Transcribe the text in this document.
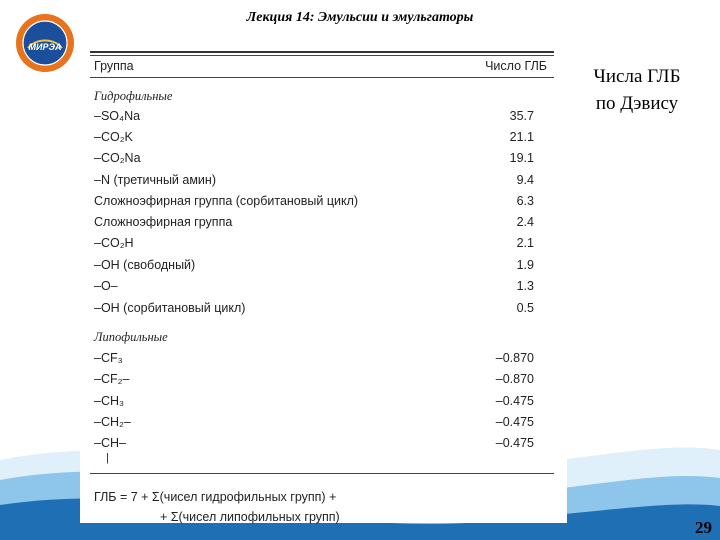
МИРЭА
Лекция 14: Эмульсии и эмульгаторы
Группа	Число ГЛБ
Гидрофильные
–SO₄Na	35.7
–CO₂K	21.1
–CO₂Na	19.1
–N (третичный амин)	9.4
Сложноэфирная группа (сорбитановый цикл)	6.3
Сложноэфирная группа	2.4
–CO₂H	2.1
–OH (свободный)	1.9
–O–	1.3
–OH (сорбитановый цикл)	0.5
Липофильные
–CF₃	–0.870
–CF₂–	–0.870
–CH₃	–0.475
–CH₂–	–0.475
–CH–	–0.475
|
ГЛБ = 7 + Σ(чисел гидрофильных групп) +
+ Σ(чисел липофильных групп)
Числа ГЛБ
по Дэвису
29
